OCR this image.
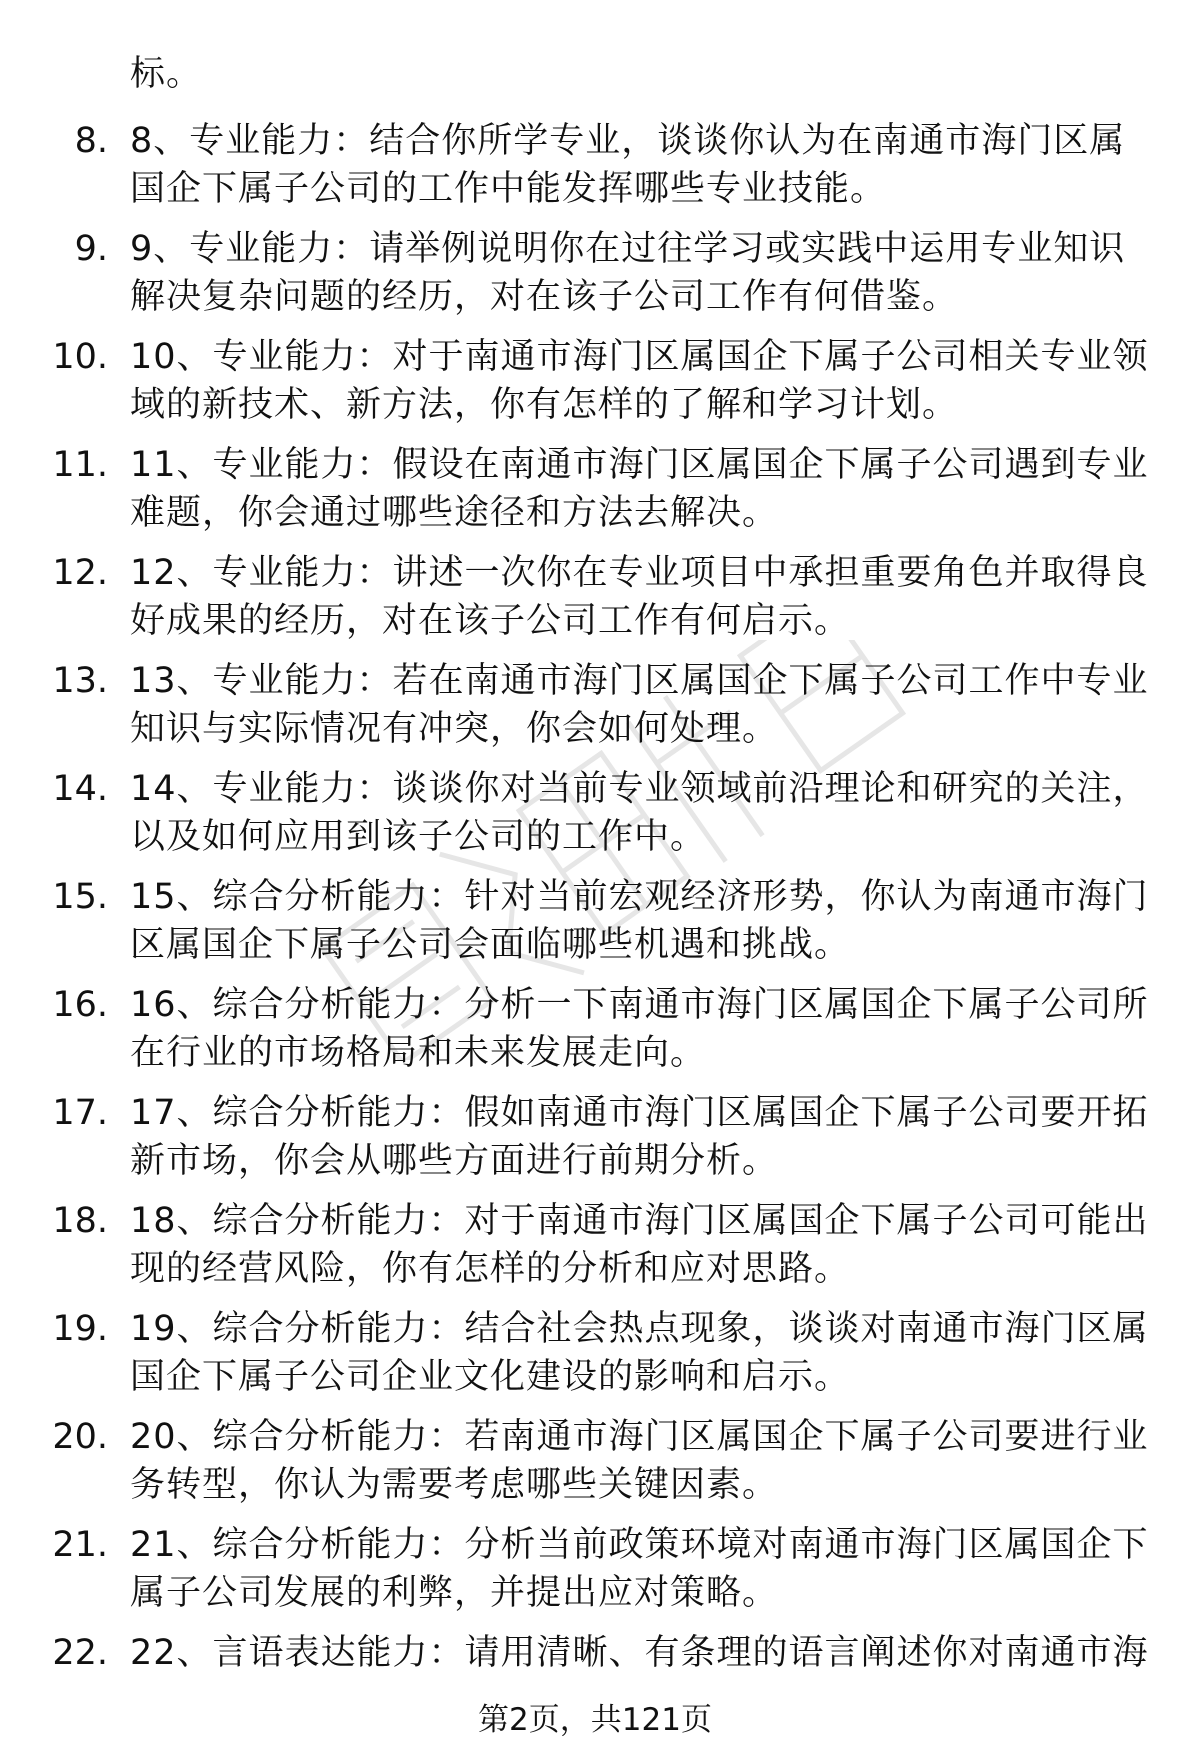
标。
8. 8、专业能力：结合你所学专业，谈谈你认为在南通市海门区属国企下属子公司的工作中能发挥哪些专业技能。
9. 9、专业能力：请举例说明你在过往学习或实践中运用专业知识解决复杂问题的经历，对在该子公司工作有何借鉴。
10. 10、专业能力：对于南通市海门区属国企下属子公司相关专业领域的新技术、新方法，你有怎样的了解和学习计划。
11. 11、专业能力：假设在南通市海门区属国企下属子公司遇到专业难题，你会通过哪些途径和方法去解决。
12. 12、专业能力：讲述一次你在专业项目中承担重要角色并取得良好成果的经历，对在该子公司工作有何启示。
13. 13、专业能力：若在南通市海门区属国企下属子公司工作中专业知识与实际情况有冲突，你会如何处理。
14. 14、专业能力：谈谈你对当前专业领域前沿理论和研究的关注，以及如何应用到该子公司的工作中。
15. 15、综合分析能力：针对当前宏观经济形势，你认为南通市海门区属国企下属子公司会面临哪些机遇和挑战。
16. 16、综合分析能力：分析一下南通市海门区属国企下属子公司所在行业的市场格局和未来发展走向。
17. 17、综合分析能力：假如南通市海门区属国企下属子公司要开拓新市场，你会从哪些方面进行前期分析。
18. 18、综合分析能力：对于南通市海门区属国企下属子公司可能出现的经营风险，你有怎样的分析和应对思路。
19. 19、综合分析能力：结合社会热点现象，谈谈对南通市海门区属国企下属子公司企业文化建设的影响和启示。
20. 20、综合分析能力：若南通市海门区属国企下属子公司要进行业务转型，你认为需要考虑哪些关键因素。
21. 21、综合分析能力：分析当前政策环境对南通市海门区属国企下属子公司发展的利弊，并提出应对策略。
22. 22、言语表达能力：请用清晰、有条理的语言阐述你对南通市海
第2页，共121页
